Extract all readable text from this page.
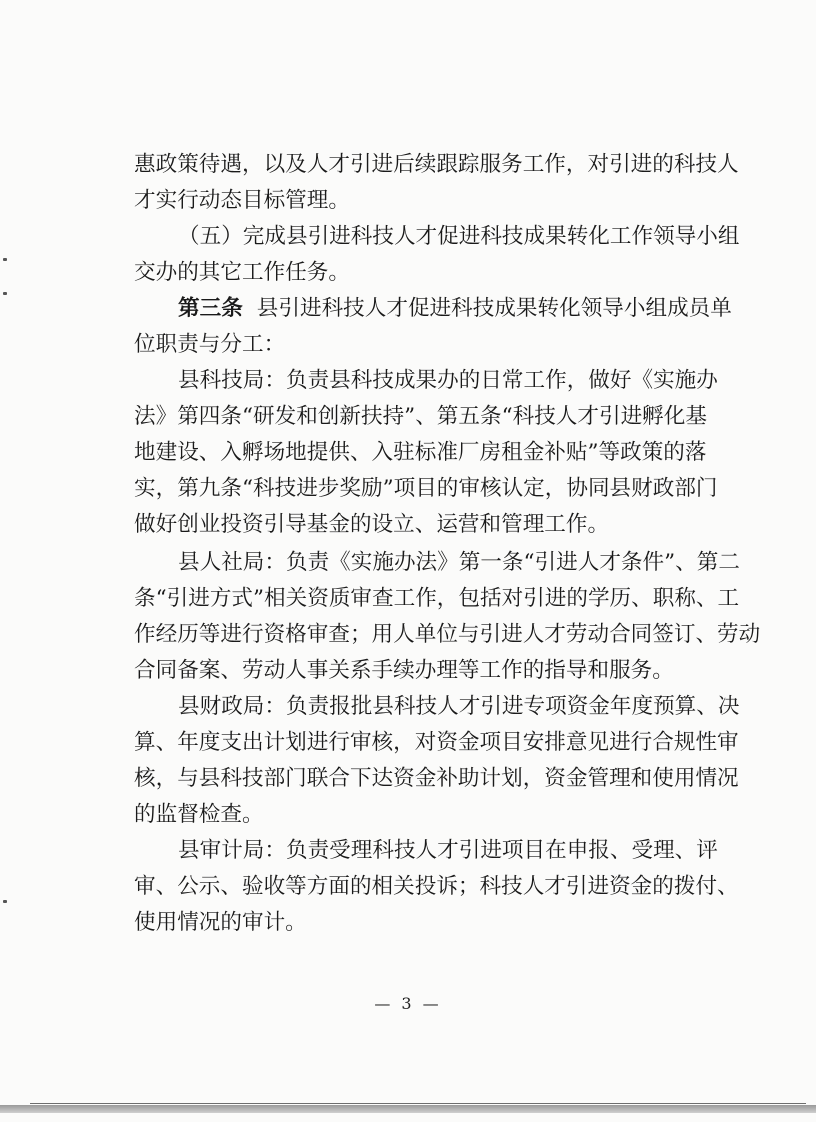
惠政策待遇，以及人才引进后续跟踪服务工作，对引进的科技人
才实行动态目标管理。
（五）完成县引进科技人才促进科技成果转化工作领导小组
交办的其它工作任务。
第三条 县引进科技人才促进科技成果转化领导小组成员单
位职责与分工：
县科技局：负责县科技成果办的日常工作，做好《实施办
法》第四条“研发和创新扶持”、第五条“科技人才引进孵化基
地建设、入孵场地提供、入驻标准厂房租金补贴”等政策的落
实，第九条“科技进步奖励”项目的审核认定，协同县财政部门
做好创业投资引导基金的设立、运营和管理工作。
县人社局：负责《实施办法》第一条“引进人才条件”、第二
条“引进方式”相关资质审查工作，包括对引进的学历、职称、工
作经历等进行资格审查；用人单位与引进人才劳动合同签订、劳动
合同备案、劳动人事关系手续办理等工作的指导和服务。
县财政局：负责报批县科技人才引进专项资金年度预算、决
算、年度支出计划进行审核，对资金项目安排意见进行合规性审
核，与县科技部门联合下达资金补助计划，资金管理和使用情况
的监督检查。
县审计局：负责受理科技人才引进项目在申报、受理、评
审、公示、验收等方面的相关投诉；科技人才引进资金的拨付、
使用情况的审计。
— 3 —
